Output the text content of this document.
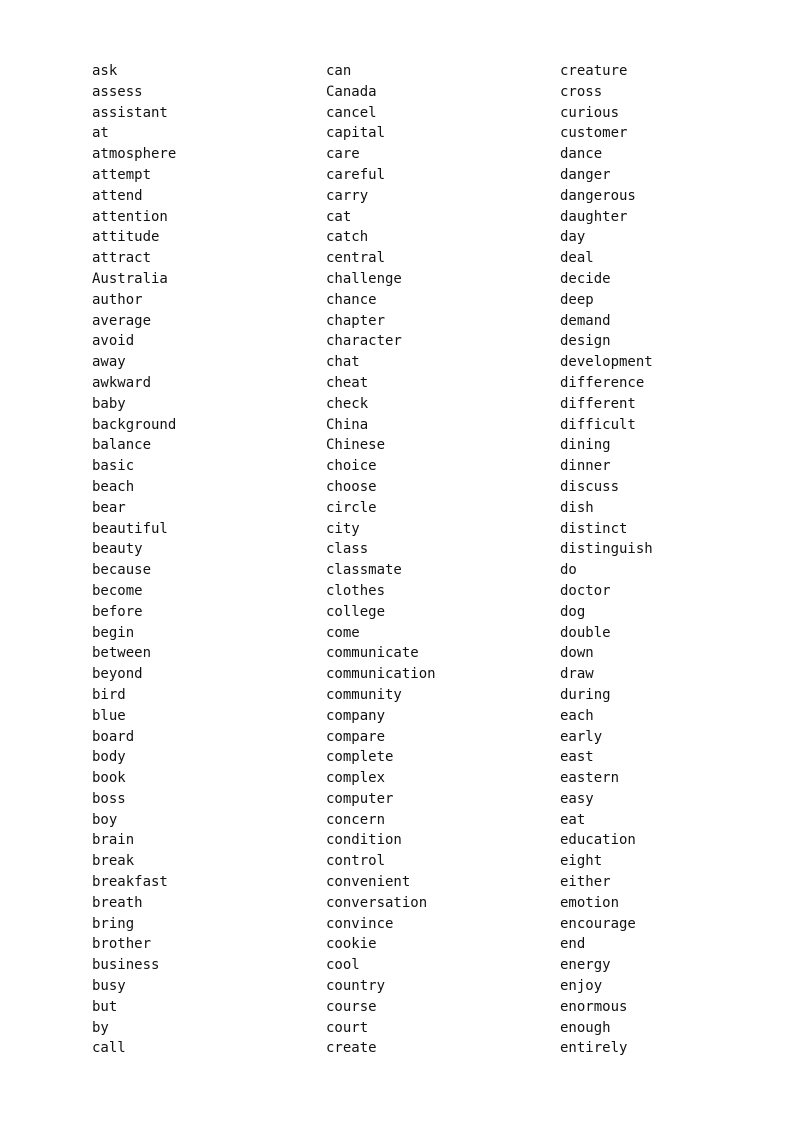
ask
assess
assistant
at
atmosphere
attempt
attend
attention
attitude
attract
Australia
author
average
avoid
away
awkward
baby
background
balance
basic
beach
bear
beautiful
beauty
because
become
before
begin
between
beyond
bird
blue
board
body
book
boss
boy
brain
break
breakfast
breath
bring
brother
business
busy
but
by
call
can
Canada
cancel
capital
care
careful
carry
cat
catch
central
challenge
chance
chapter
character
chat
cheat
check
China
Chinese
choice
choose
circle
city
class
classmate
clothes
college
come
communicate
communication
community
company
compare
complete
complex
computer
concern
condition
control
convenient
conversation
convince
cookie
cool
country
course
court
create
creature
cross
curious
customer
dance
danger
dangerous
daughter
day
deal
decide
deep
demand
design
development
difference
different
difficult
dining
dinner
discuss
dish
distinct
distinguish
do
doctor
dog
double
down
draw
during
each
early
east
eastern
easy
eat
education
eight
either
emotion
encourage
end
energy
enjoy
enormous
enough
entirely
